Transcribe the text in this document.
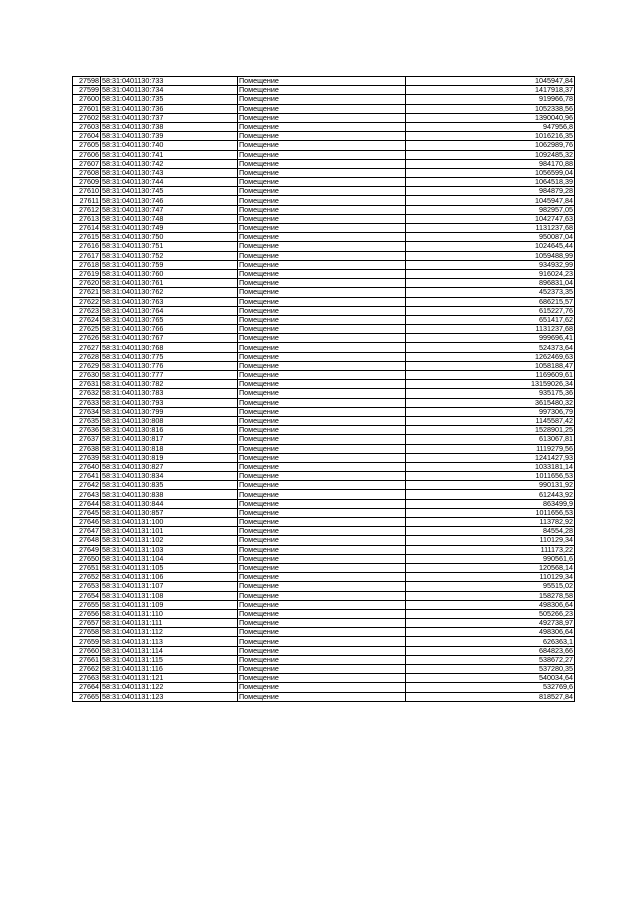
27598	58:31:0401130:733	Помещение	1045947,84
27599	58:31:0401130:734	Помещение	1417918,37
27600	58:31:0401130:735	Помещение	919966,78
27601	58:31:0401130:736	Помещение	1052338,56
27602	58:31:0401130:737	Помещение	1390040,96
27603	58:31:0401130:738	Помещение	947956,8
27604	58:31:0401130:739	Помещение	1016216,35
27605	58:31:0401130:740	Помещение	1062989,76
27606	58:31:0401130:741	Помещение	1092485,32
27607	58:31:0401130:742	Помещение	984170,88
27608	58:31:0401130:743	Помещение	1056599,04
27609	58:31:0401130:744	Помещение	1064518,39
27610	58:31:0401130:745	Помещение	984879,28
27611	58:31:0401130:746	Помещение	1045947,84
27612	58:31:0401130:747	Помещение	982957,05
27613	58:31:0401130:748	Помещение	1042747,63
27614	58:31:0401130:749	Помещение	1131237,68
27615	58:31:0401130:750	Помещение	950087,04
27616	58:31:0401130:751	Помещение	1024645,44
27617	58:31:0401130:752	Помещение	1059488,99
27618	58:31:0401130:759	Помещение	934932,99
27619	58:31:0401130:760	Помещение	916024,23
27620	58:31:0401130:761	Помещение	896831,04
27621	58:31:0401130:762	Помещение	452373,35
27622	58:31:0401130:763	Помещение	686215,57
27623	58:31:0401130:764	Помещение	615227,76
27624	58:31:0401130:765	Помещение	651417,62
27625	58:31:0401130:766	Помещение	1131237,68
27626	58:31:0401130:767	Помещение	999696,41
27627	58:31:0401130:768	Помещение	524373,64
27628	58:31:0401130:775	Помещение	1262469,63
27629	58:31:0401130:776	Помещение	1058188,47
27630	58:31:0401130:777	Помещение	1169609,61
27631	58:31:0401130:782	Помещение	13159026,34
27632	58:31:0401130:783	Помещение	935175,36
27633	58:31:0401130:793	Помещение	3615480,32
27634	58:31:0401130:799	Помещение	997306,79
27635	58:31:0401130:808	Помещение	1145587,42
27636	58:31:0401130:816	Помещение	1528901,25
27637	58:31:0401130:817	Помещение	613067,81
27638	58:31:0401130:818	Помещение	1119279,56
27639	58:31:0401130:819	Помещение	1241427,93
27640	58:31:0401130:827	Помещение	1033181,14
27641	58:31:0401130:834	Помещение	1011656,53
27642	58:31:0401130:835	Помещение	990131,92
27643	58:31:0401130:838	Помещение	612443,92
27644	58:31:0401130:844	Помещение	863499,9
27645	58:31:0401130:857	Помещение	1011656,53
27646	58:31:0401131:100	Помещение	113782,92
27647	58:31:0401131:101	Помещение	84554,28
27648	58:31:0401131:102	Помещение	110129,34
27649	58:31:0401131:103	Помещение	111173,22
27650	58:31:0401131:104	Помещение	990561,6
27651	58:31:0401131:105	Помещение	120568,14
27652	58:31:0401131:106	Помещение	110129,34
27653	58:31:0401131:107	Помещение	95515,02
27654	58:31:0401131:108	Помещение	158278,58
27655	58:31:0401131:109	Помещение	498306,64
27656	58:31:0401131:110	Помещение	505266,23
27657	58:31:0401131:111	Помещение	492738,97
27658	58:31:0401131:112	Помещение	498306,64
27659	58:31:0401131:113	Помещение	626363,1
27660	58:31:0401131:114	Помещение	684823,66
27661	58:31:0401131:115	Помещение	538672,27
27662	58:31:0401131:116	Помещение	537280,35
27663	58:31:0401131:121	Помещение	540034,64
27664	58:31:0401131:122	Помещение	532769,6
27665	58:31:0401131:123	Помещение	818527,84
